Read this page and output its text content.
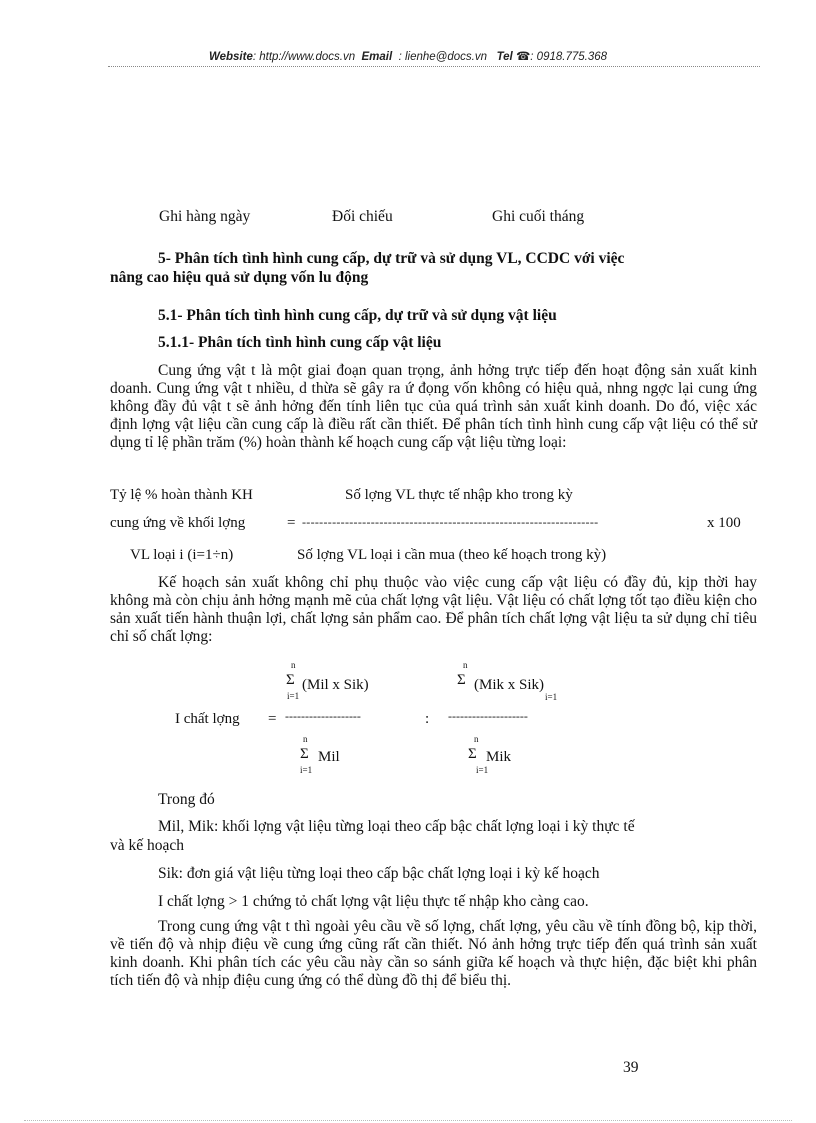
Website: http://www.docs.vn Email : lienhe@docs.vn Tel ☎: 0918.775.368
Ghi hàng ngày	Đối chiếu	Ghi cuối tháng
5- Phân tích tình hình cung cấp, dự trữ và sử dụng VL, CCDC với việc
nâng cao hiệu quả sử dụng vốn lu động
5.1- Phân tích tình hình cung cấp, dự trữ và sử dụng vật liệu
5.1.1- Phân tích tình hình cung cấp vật liệu
Cung ứng vật t là một giai đoạn quan trọng, ảnh hởng trực tiếp đến hoạt động sản xuất kinh doanh. Cung ứng vật t nhiều, d thừa sẽ gây ra ứ đọng vốn không có hiệu quả, nhng ngợc lại cung ứng không đầy đủ vật t sẽ ảnh hởng đến tính liên tục của quá trình sản xuất kinh doanh. Do đó, việc xác định lợng vật liệu cần cung cấp là điều rất cần thiết. Để phân tích tình hình cung cấp vật liệu có thể sử dụng tỉ lệ phần trăm (%) hoàn thành kế hoạch cung cấp vật liệu từng loại:
Tỷ lệ % hoàn thành KH	Số lợng VL thực tế nhập kho trong kỳ
cung ứng về khối lợng	= ---------------------------------------------------------------------	x 100
VL loại i (i=1÷n)	Số lợng VL loại i cần mua (theo kế hoạch trong kỳ)
Kế hoạch sản xuất không chỉ phụ thuộc vào việc cung cấp vật liệu có đầy đủ, kịp thời hay không mà còn chịu ảnh hởng mạnh mẽ của chất lợng vật liệu. Vật liệu có chất lợng tốt tạo điều kiện cho sản xuất tiến hành thuận lợi, chất lợng sản phẩm cao. Để phân tích chất lợng vật liệu ta sử dụng chỉ tiêu chỉ số chất lợng:
n
Σ (Mil x Sik)
i=1
n
Σ (Mik x Sik)
i=1
I chất lợng = -------------------	: --------------------
n
Σ Mil
i=1
n
Σ Mik
i=1
Trong đó
Mil, Mik: khối lợng vật liệu từng loại theo cấp bậc chất lợng loại i kỳ thực tế
và kế hoạch
Sik: đơn giá vật liệu từng loại theo cấp bậc chất lợng loại i kỳ kế hoạch
I chất lợng > 1 chứng tỏ chất lợng vật liệu thực tế nhập kho càng cao.
Trong cung ứng vật t thì ngoài yêu cầu về số lợng, chất lợng, yêu cầu về tính đồng bộ, kịp thời, về tiến độ và nhịp điệu về cung ứng cũng rất cần thiết. Nó ảnh hởng trực tiếp đến quá trình sản xuất kinh doanh. Khi phân tích các yêu cầu này cần so sánh giữa kế hoạch và thực hiện, đặc biệt khi phân tích tiến độ và nhịp điệu cung ứng có thể dùng đồ thị để biểu thị.
39
